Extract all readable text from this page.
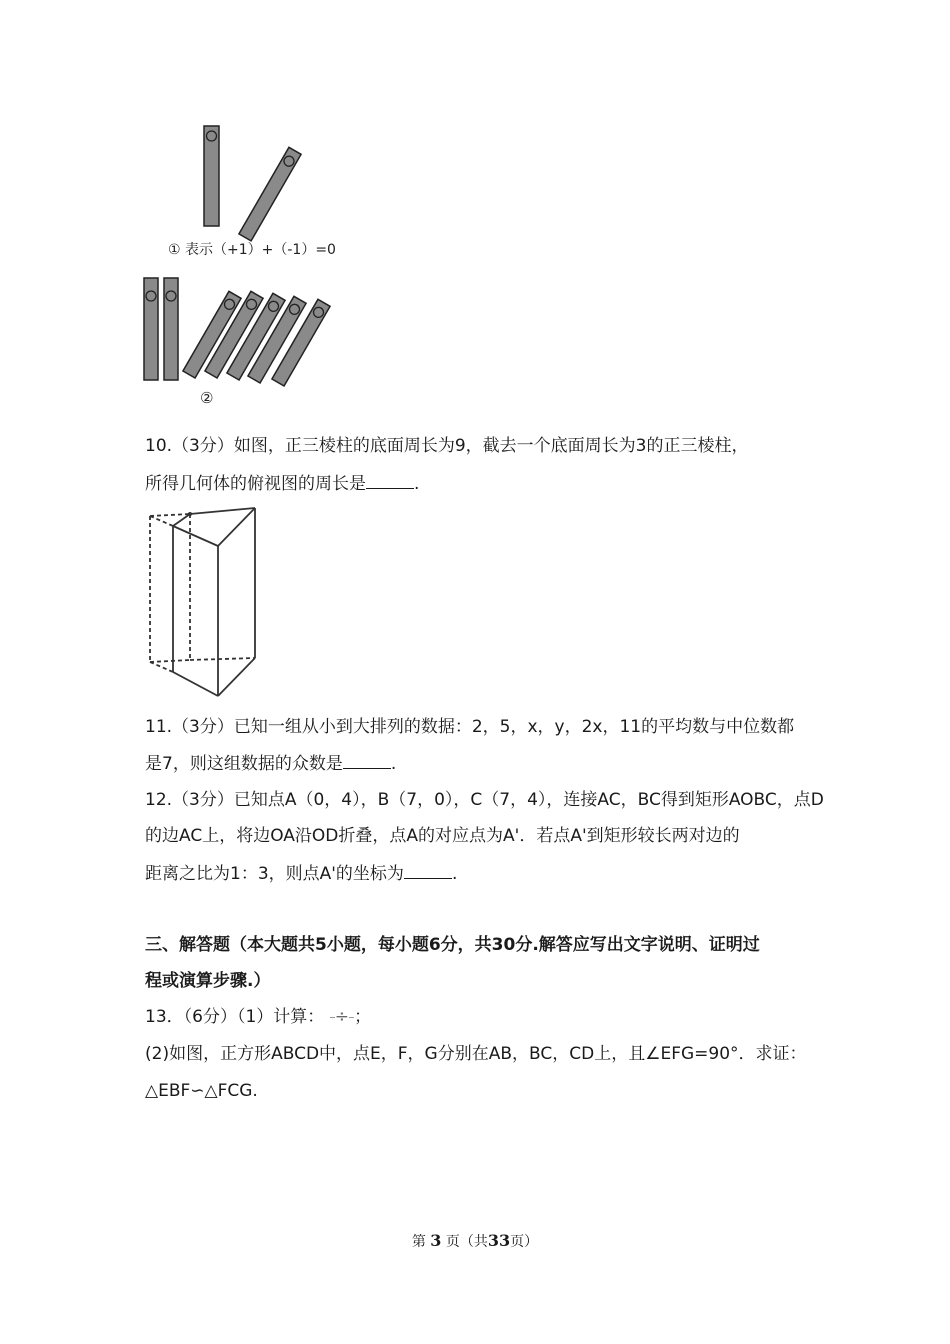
① 表示（+1）+（-1）=0
②
10.（3分）如图，正三棱柱的底面周长为9，截去一个底面周长为3的正三棱柱，
所得几何体的俯视图的周长是	.
11.（3分）已知一组从小到大排列的数据：2，5，x，y，2x，11的平均数与中位数都
是7，则这组数据的众数是	.
12.（3分）已知点A（0，4），B（7，0），C（7，4），连接AC，BC得到矩形AOBC，点D
的边AC上，将边OA沿OD折叠，点A的对应点为A'．若点A'到矩形较长两对边的
距离之比为1：3，则点A'的坐标为	.
三、解答题（本大题共5小题，每小题6分，共30分.解答应写出文字说明、证明过
程或演算步骤.）
13．（6分）（1）计算：

÷

；
(2)如图，正方形ABCD中，点E，F，G分别在AB，BC，CD上，且∠EFG=90°．求证：
△EBF∽△FCG.
第 3 页（共33页）
